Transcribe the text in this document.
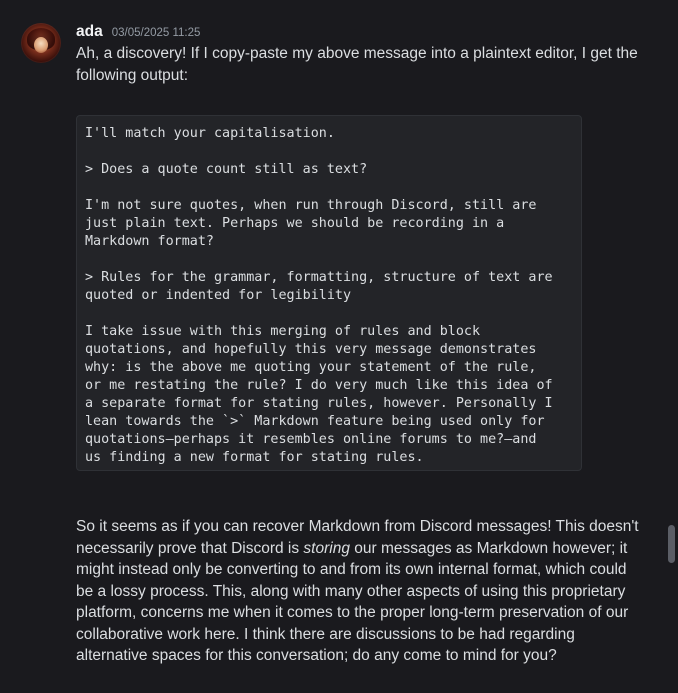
ada 03/05/2025 11:25

Ah, a discovery! If I copy-paste my above message into a plaintext editor, I get the following output:

I'll match your capitalisation.
> Does a quote count still as text?
I'm not sure quotes, when run through Discord, still are
just plain text. Perhaps we should be recording in a
Markdown format?
> Rules for the grammar, formatting, structure of text are
quoted or indented for legibility
I take issue with this merging of rules and block
quotations, and hopefully this very message demonstrates
why: is the above me quoting your statement of the rule,
or me restating the rule? I do very much like this idea of
a separate format for stating rules, however. Personally I
lean towards the `>` Markdown feature being used only for
quotations—perhaps it resembles online forums to me?—and
us finding a new format for stating rules.

So it seems as if you can recover Markdown from Discord messages! This doesn't necessarily prove that Discord is storing our messages as Markdown however; it might instead only be converting to and from its own internal format, which could be a lossy process. This, along with many other aspects of using this proprietary platform, concerns me when it comes to the proper long-term preservation of our collaborative work here. I think there are discussions to be had regarding alternative spaces for this conversation; do any come to mind for you?
